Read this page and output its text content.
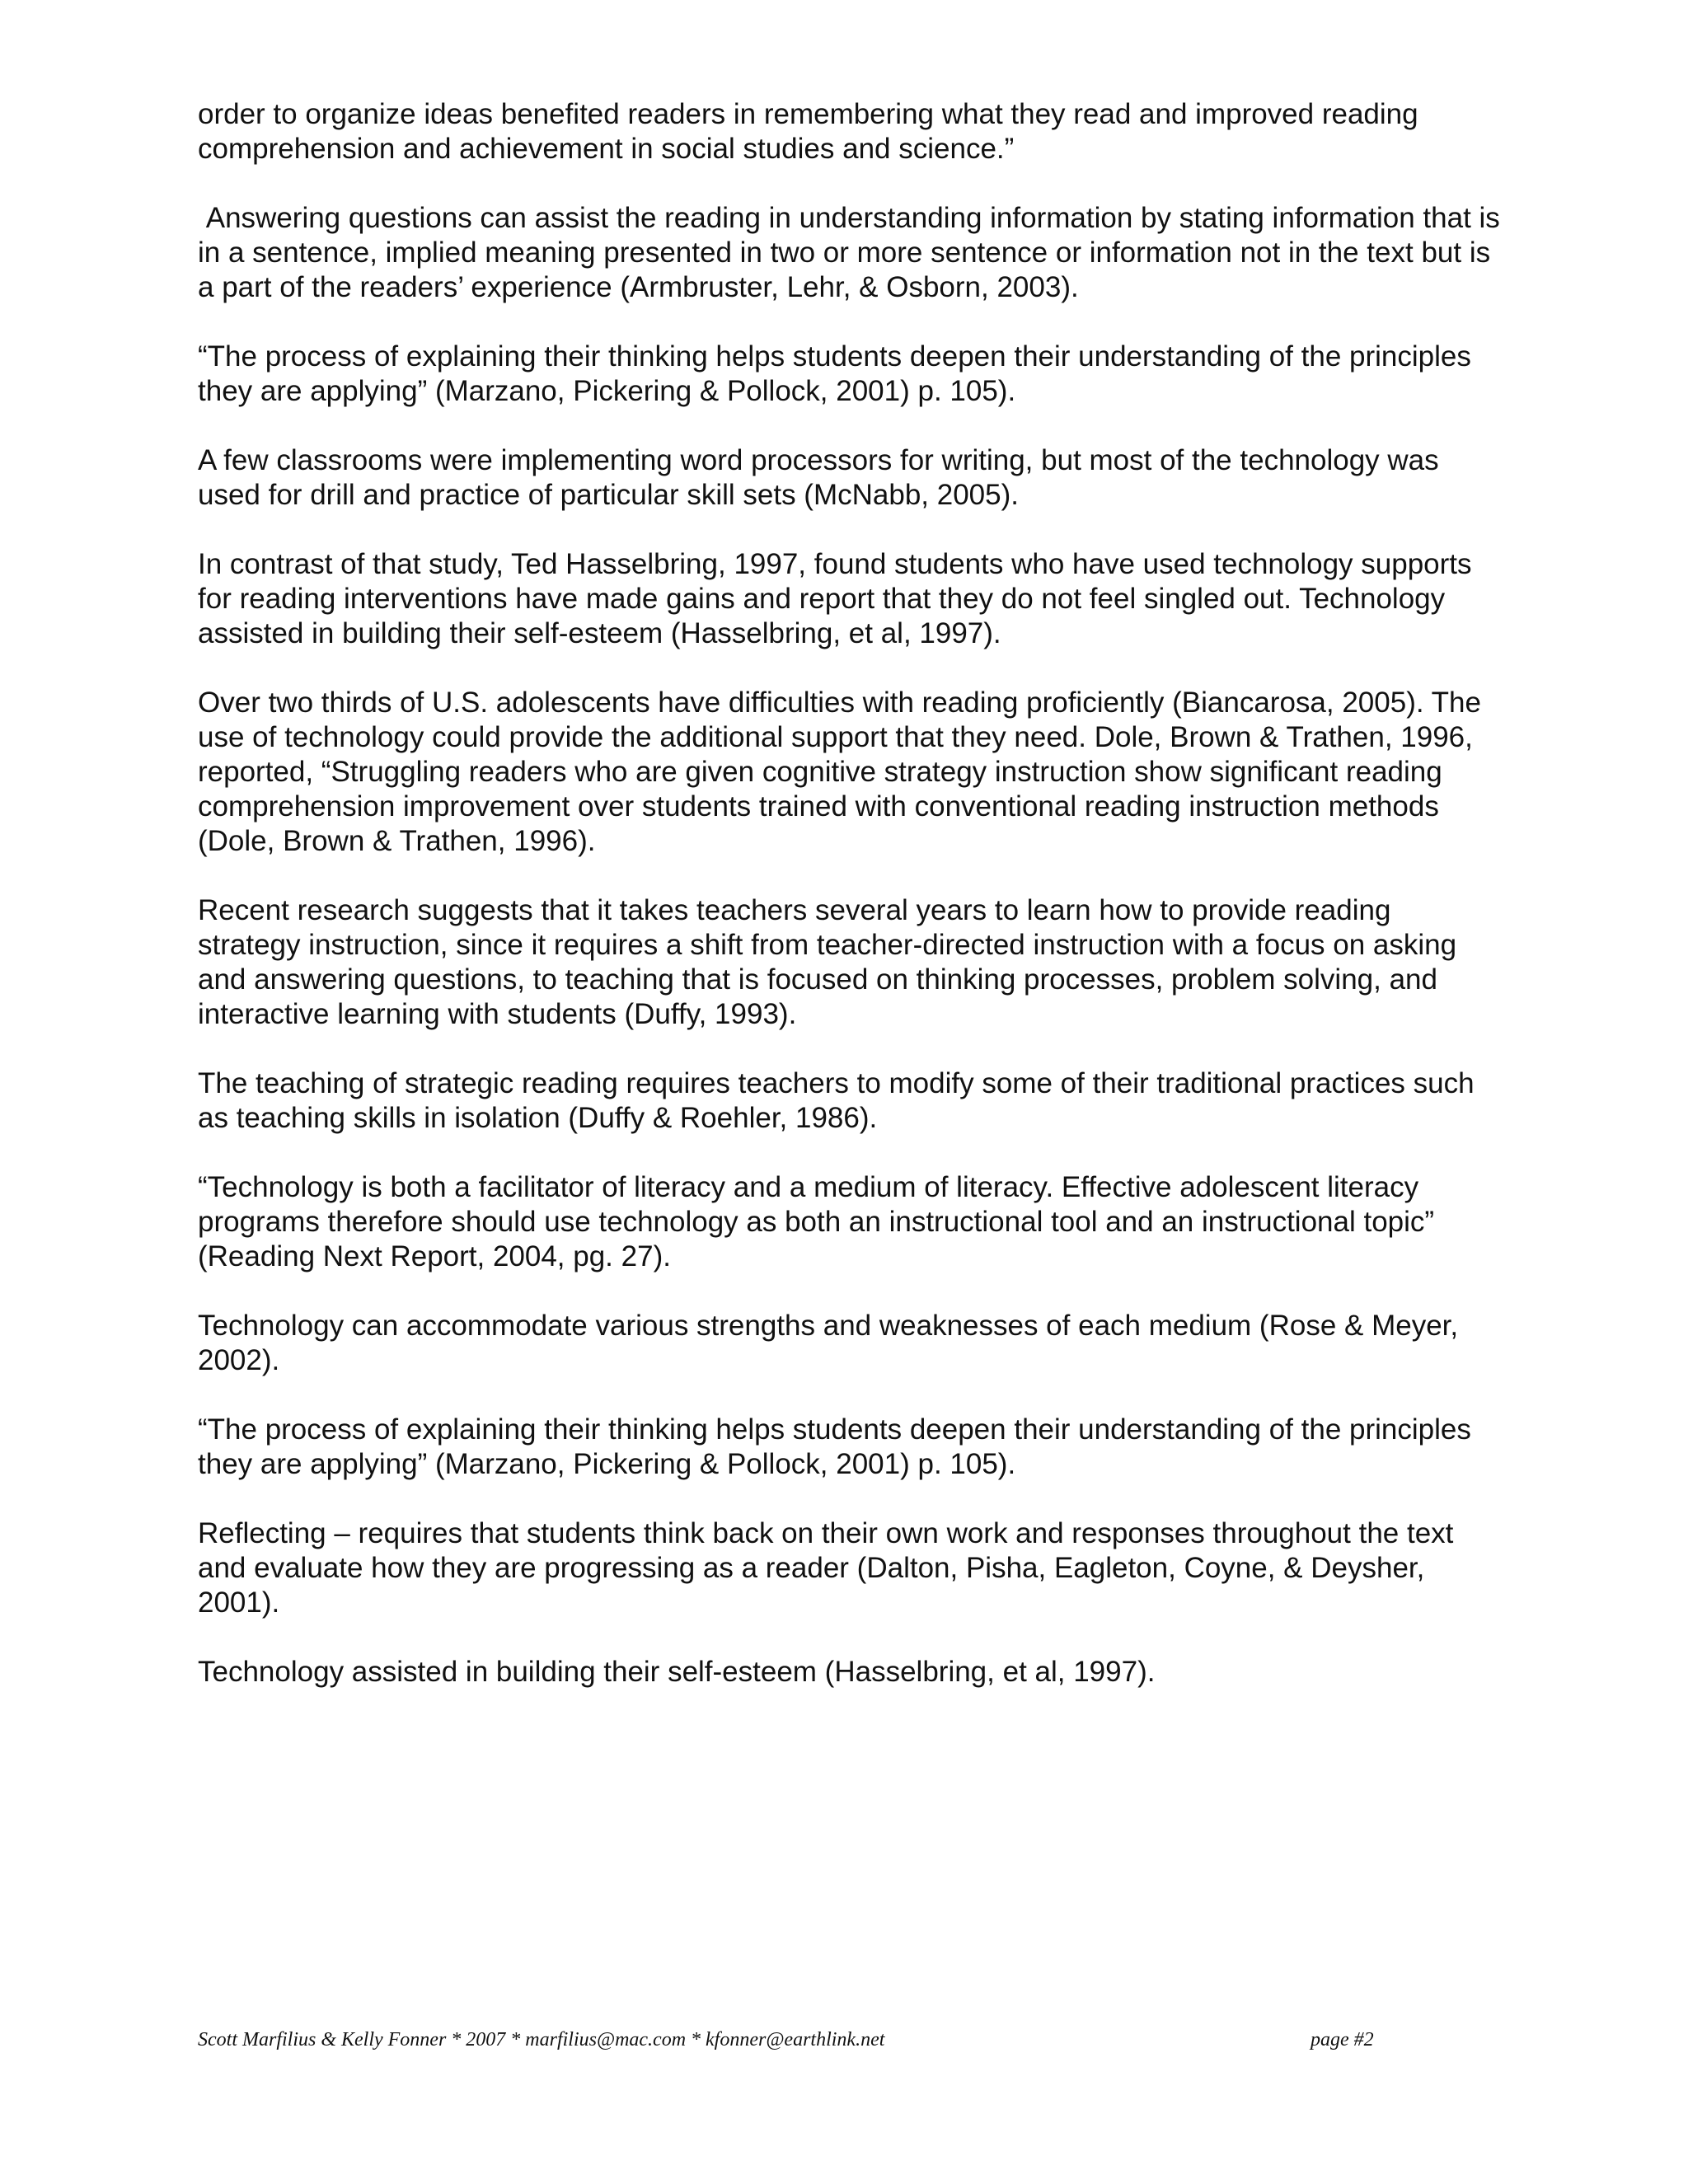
order to organize ideas benefited readers in remembering what they read and improved reading comprehension and achievement in social studies and science.”

Answering questions can assist the reading in understanding information by stating information that is in a sentence, implied meaning presented in two or more sentence or information not in the text but is a part of the readers’ experience (Armbruster, Lehr, & Osborn, 2003).

“The process of explaining their thinking helps students deepen their understanding of the principles they are applying” (Marzano, Pickering & Pollock, 2001) p. 105).

A few classrooms were implementing word processors for writing, but most of the technology was used for drill and practice of particular skill sets (McNabb, 2005).

In contrast of that study, Ted Hasselbring, 1997, found students who have used technology supports for reading interventions have made gains and report that they do not feel singled out. Technology assisted in building their self-esteem (Hasselbring, et al, 1997).

Over two thirds of U.S. adolescents have difficulties with reading proficiently (Biancarosa, 2005). The use of technology could provide the additional support that they need. Dole, Brown & Trathen, 1996, reported, “Struggling readers who are given cognitive strategy instruction show significant reading comprehension improvement over students trained with conventional reading instruction methods (Dole, Brown & Trathen, 1996).

Recent research suggests that it takes teachers several years to learn how to provide reading strategy instruction, since it requires a shift from teacher-directed instruction with a focus on asking and answering questions, to teaching that is focused on thinking processes, problem solving, and interactive learning with students (Duffy, 1993).

The teaching of strategic reading requires teachers to modify some of their traditional practices such as teaching skills in isolation (Duffy & Roehler, 1986).

“Technology is both a facilitator of literacy and a medium of literacy. Effective adolescent literacy programs therefore should use technology as both an instructional tool and an instructional topic” (Reading Next Report, 2004, pg. 27).

Technology can accommodate various strengths and weaknesses of each medium (Rose & Meyer, 2002).

“The process of explaining their thinking helps students deepen their understanding of the principles they are applying” (Marzano, Pickering & Pollock, 2001) p. 105).

Reflecting – requires that students think back on their own work and responses throughout the text and evaluate how they are progressing as a reader (Dalton, Pisha, Eagleton, Coyne, & Deysher, 2001).

Technology assisted in building their self-esteem (Hasselbring, et al, 1997).

Scott Marfilius & Kelly Fonner * 2007 * marfilius@mac.com * kfonner@earthlink.net	page #2
